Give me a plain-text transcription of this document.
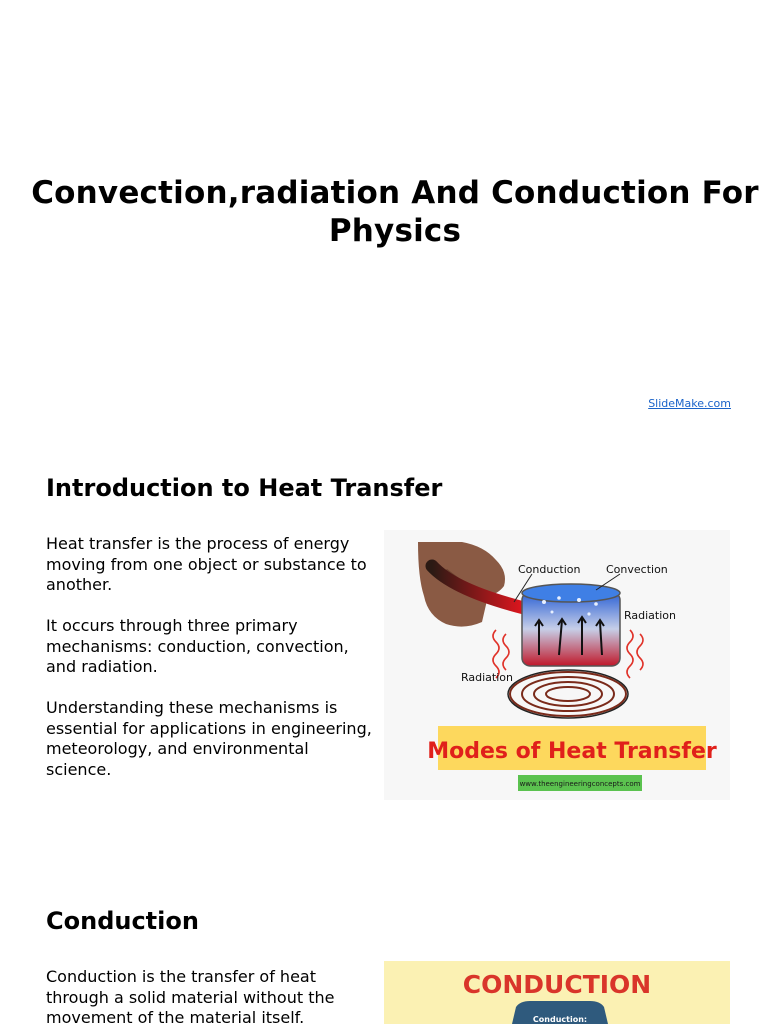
Convection,radiation And Conduction For Physics
SlideMake.com
Introduction to Heat Transfer

Heat transfer is the process of energy moving from one object or substance to another.

It occurs through three primary mechanisms: conduction, convection, and radiation.

Understanding these mechanisms is essential for applications in engineering, meteorology, and environmental science.

Conduction Convection
Radiation
Radiation
Modes of Heat Transfer
www.theengineeringconcepts.com
Conduction

Conduction is the transfer of heat through a solid material without the movement of the material itself.

CONDUCTION
Conduction:
